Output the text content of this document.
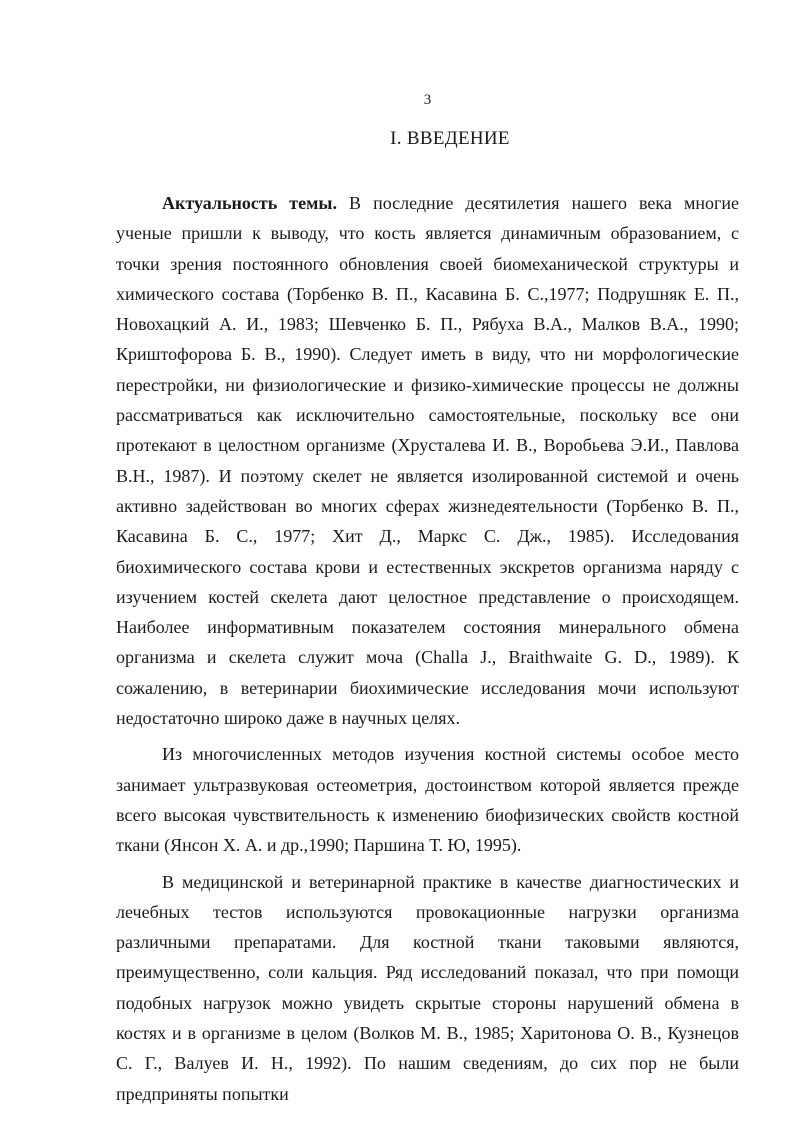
3
I. ВВЕДЕНИЕ

Актуальность темы. В последние десятилетия нашего века многие ученые пришли к выводу, что кость является динамичным образованием, с точки зрения постоянного обновления своей биомеханической структуры и химического состава (Торбенко В. П., Касавина Б. С.,1977; Подрушняк Е. П., Новохацкий А. И., 1983; Шевченко Б. П., Рябуха В.А., Малков В.А., 1990; Криштофорова Б. В., 1990). Следует иметь в виду, что ни морфологические перестройки, ни физиологические и физико-химические процессы не должны рассматриваться как исключительно самостоятельные, поскольку все они протекают в целостном организме (Хрусталева И. В., Воробьева Э.И., Павлова В.Н., 1987). И поэтому скелет не является изолированной системой и очень активно задействован во многих сферах жизнедеятельности (Торбенко В. П., Касавина Б. С., 1977; Хит Д., Маркс С. Дж., 1985). Исследования биохимического состава крови и естественных экскретов организма наряду с изучением костей скелета дают целостное представление о происходящем. Наиболее информативным показателем состояния минерального обмена организма и скелета служит моча (Challa J., Braithwaite G. D., 1989). К сожалению, в ветеринарии биохимические исследования мочи используют недостаточно широко даже в научных целях.

Из многочисленных методов изучения костной системы особое место занимает ультразвуковая остеометрия, достоинством которой является прежде всего высокая чувствительность к изменению биофизических свойств костной ткани (Янсон Х. А. и др.,1990; Паршина Т. Ю, 1995).

В медицинской и ветеринарной практике в качестве диагностических и лечебных тестов используются провокационные нагрузки организма различными препаратами. Для костной ткани таковыми являются, преимущественно, соли кальция. Ряд исследований показал, что при помощи подобных нагрузок можно увидеть скрытые стороны нарушений обмена в костях и в организме в целом (Волков М. В., 1985; Харитонова О. В., Кузнецов С. Г., Валуев И. Н., 1992). По нашим сведениям, до сих пор не были предприняты попытки
